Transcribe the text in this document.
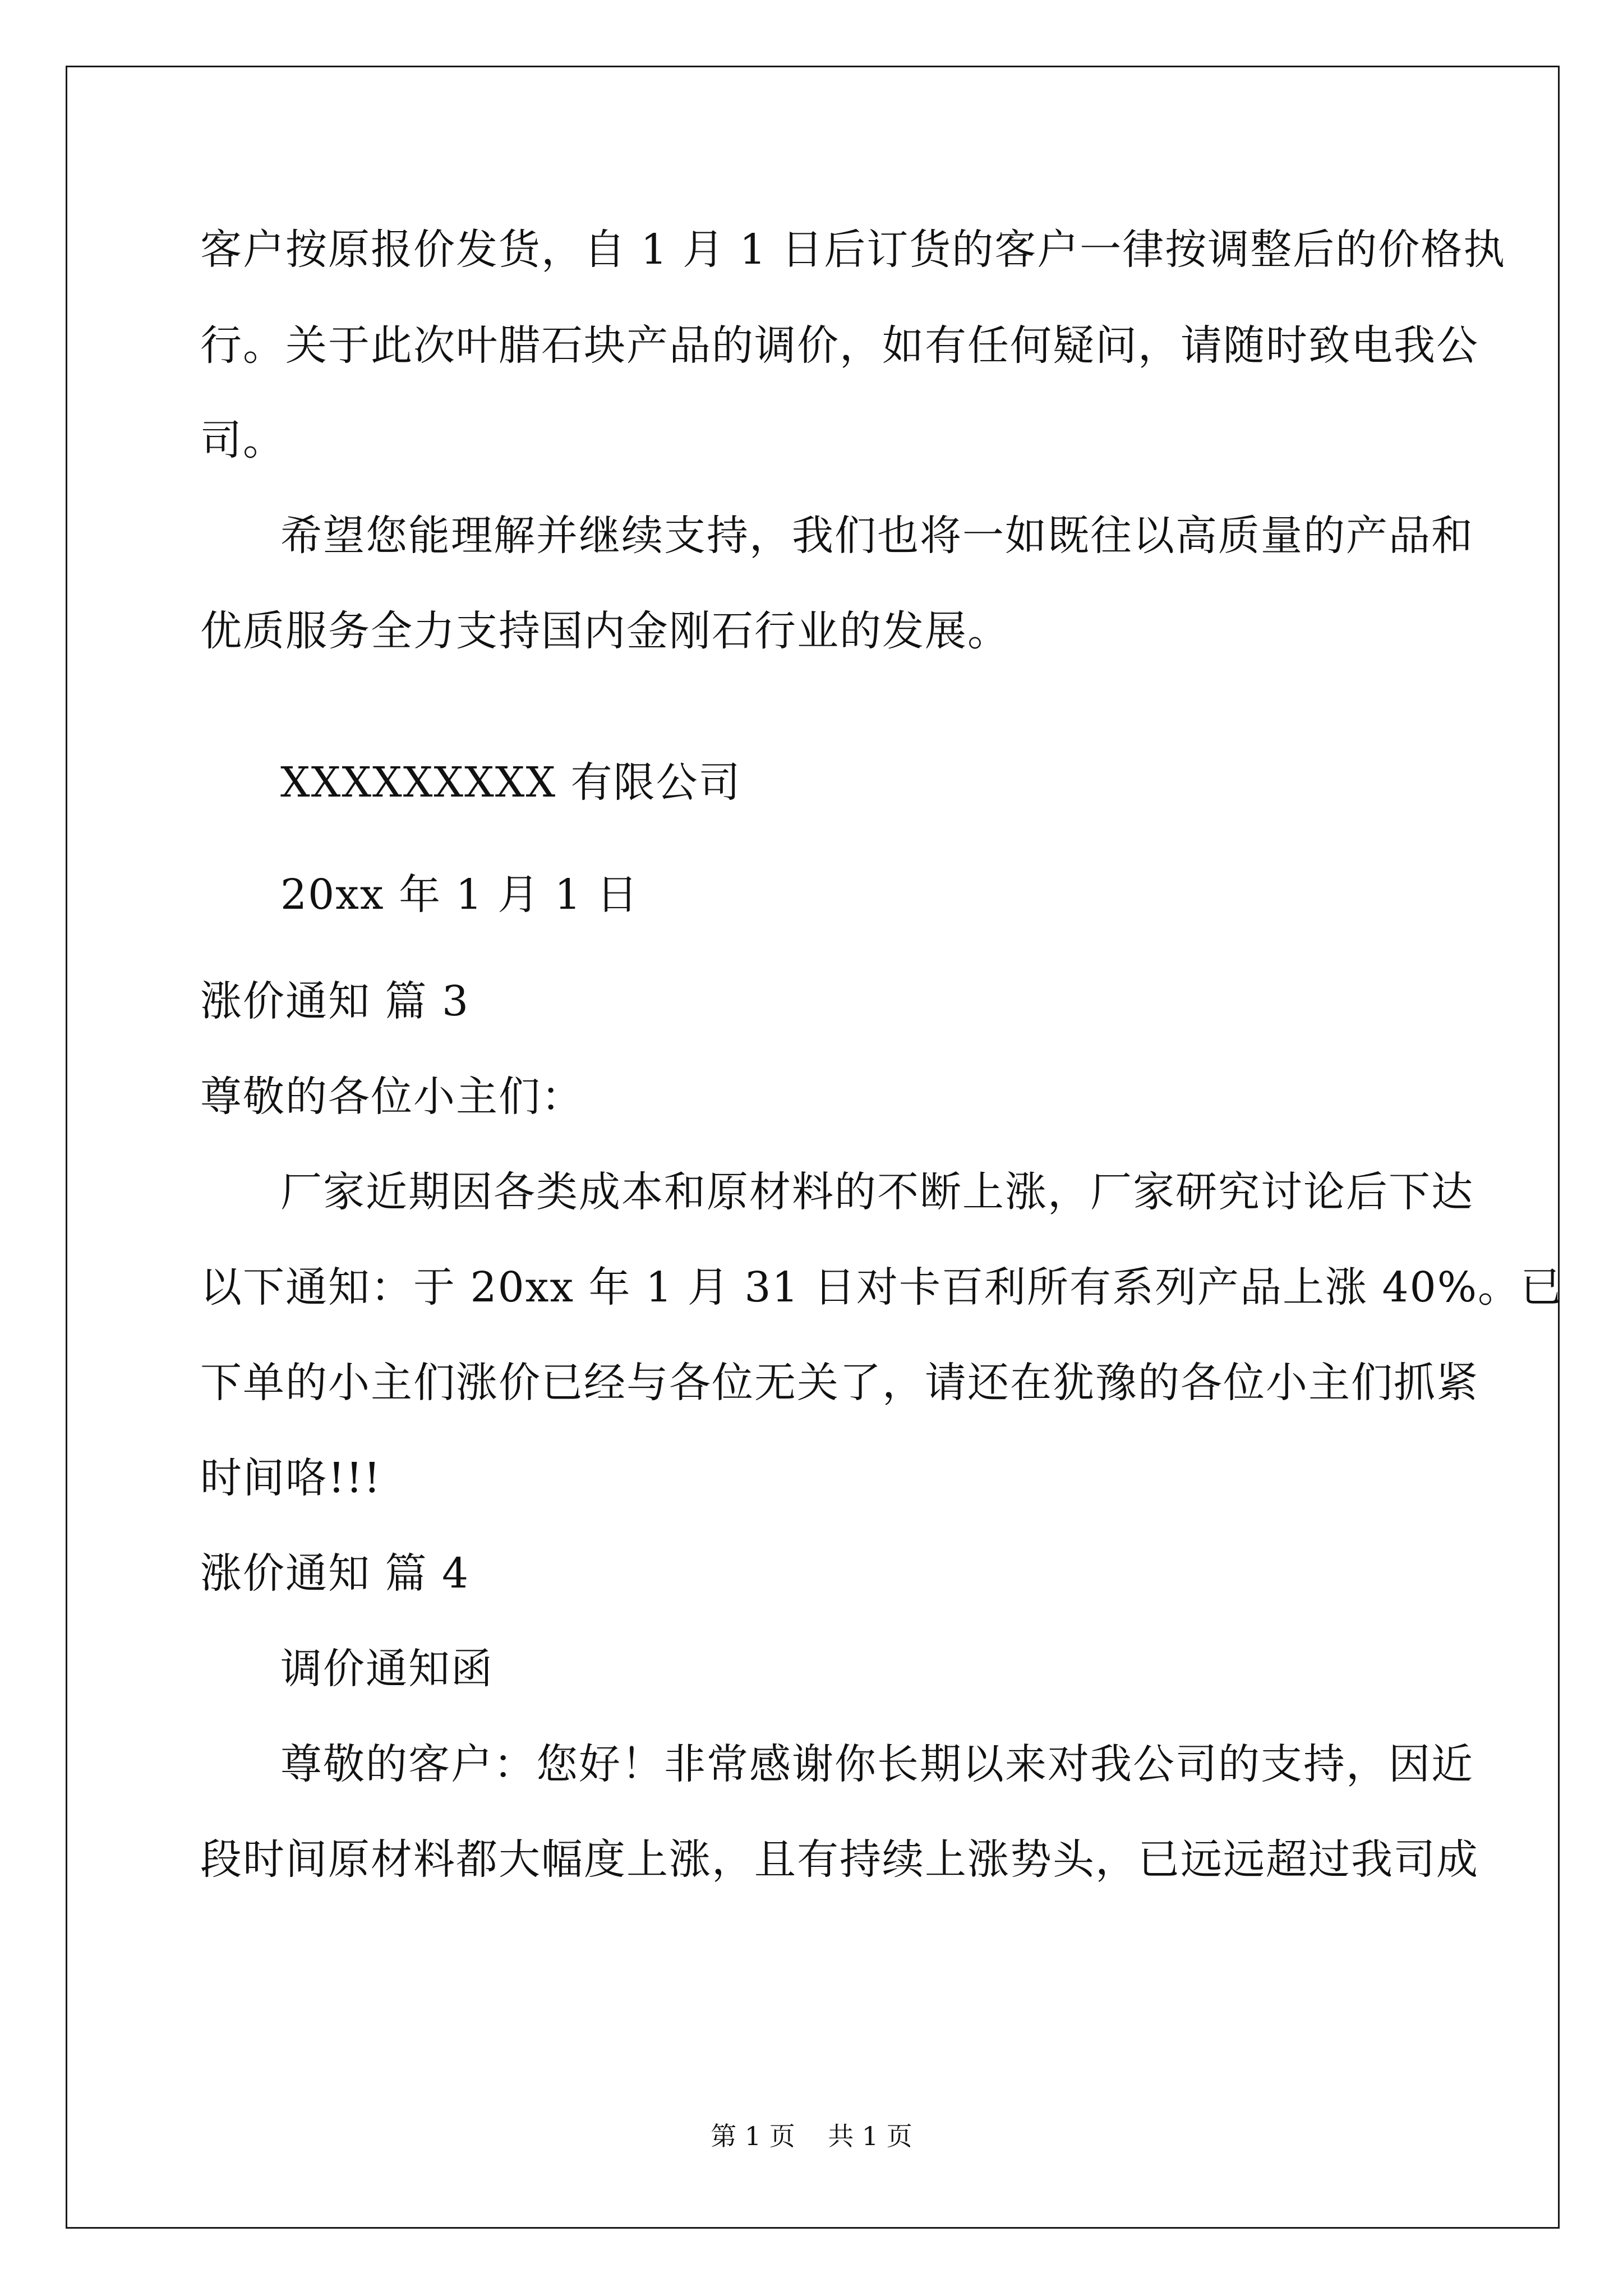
客户按原报价发货，自 1 月 1 日后订货的客户一律按调整后的价格执
行。关于此次叶腊石块产品的调价，如有任何疑问，请随时致电我公
司。
希望您能理解并继续支持，我们也将一如既往以高质量的产品和
优质服务全力支持国内金刚石行业的发展。
XXXXXXXXX 有限公司
20xx 年 1 月 1 日
涨价通知 篇 3
尊敬的各位小主们：
厂家近期因各类成本和原材料的不断上涨，厂家研究讨论后下达
以下通知：于 20xx 年 1 月 31 日对卡百利所有系列产品上涨 40%。已
下单的小主们涨价已经与各位无关了，请还在犹豫的各位小主们抓紧
时间咯!!!
涨价通知 篇 4
调价通知函
尊敬的客户：您好！非常感谢你长期以来对我公司的支持，因近
段时间原材料都大幅度上涨，且有持续上涨势头，已远远超过我司成
第 1 页    共 1 页
